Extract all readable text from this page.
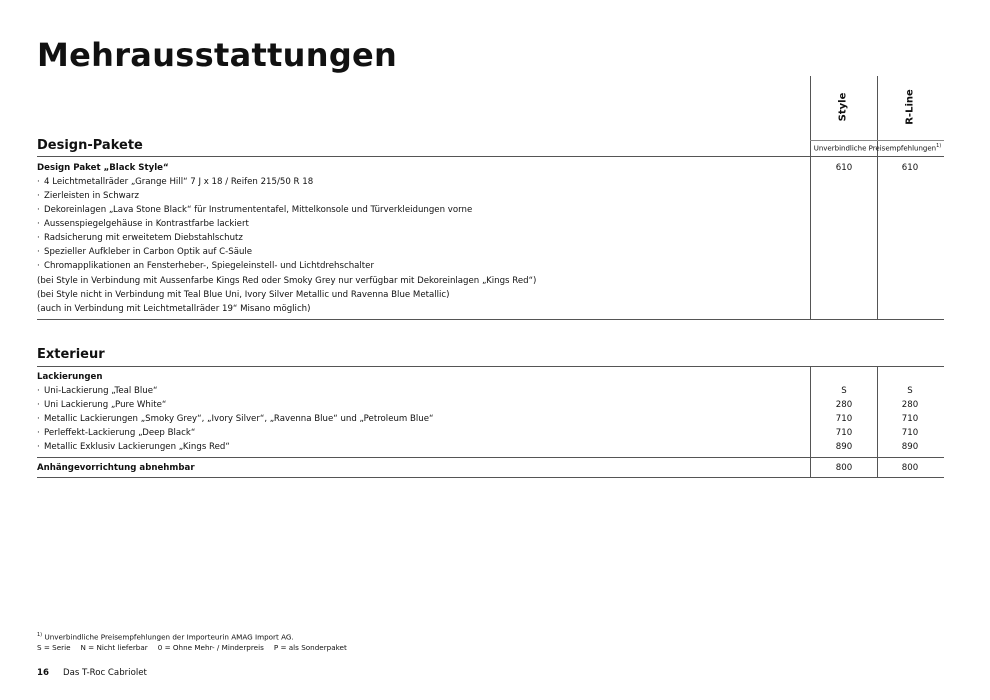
Mehrausstattungen
Style	R-Line
Unverbindliche Preisempfehlungen$^{1)}$
Design-Pakete
Design Paket „Black Style“	610	610
· 4 Leichtmetallräder „Grange Hill“ 7 J x 18 / Reifen 215/50 R 18
· Zierleisten in Schwarz
· Dekoreinlagen „Lava Stone Black“ für Instrumententafel, Mittelkonsole und Türverkleidungen vorne
· Aussenspiegelgehäuse in Kontrastfarbe lackiert
· Radsicherung mit erweitetem Diebstahlschutz
· Spezieller Aufkleber in Carbon Optik auf C-Säule
· Chromapplikationen an Fensterheber-, Spiegeleinstell- und Lichtdrehschalter
(bei Style in Verbindung mit Aussenfarbe Kings Red oder Smoky Grey nur verfügbar mit Dekoreinlagen „Kings Red“)
(bei Style nicht in Verbindung mit Teal Blue Uni, Ivory Silver Metallic und Ravenna Blue Metallic)
(auch in Verbindung mit Leichtmetallräder 19“ Misano möglich)
Exterieur
Lackierungen
· Uni-Lackierung „Teal Blue“	S	S
· Uni Lackierung „Pure White“	280	280
· Metallic Lackierungen „Smoky Grey“, „Ivory Silver“, „Ravenna Blue“ und „Petroleum Blue“	710	710
· Perleffekt-Lackierung „Deep Black“	710	710
· Metallic Exklusiv Lackierungen „Kings Red“	890	890
Anhängevorrichtung abnehmbar	800	800
$^{1)}$ Unverbindliche Preisempfehlungen der Importeurin AMAG Import AG.
S = Serie N = Nicht lieferbar 0 = Ohne Mehr- / Minderpreis P = als Sonderpaket
16 Das T-Roc Cabriolet
